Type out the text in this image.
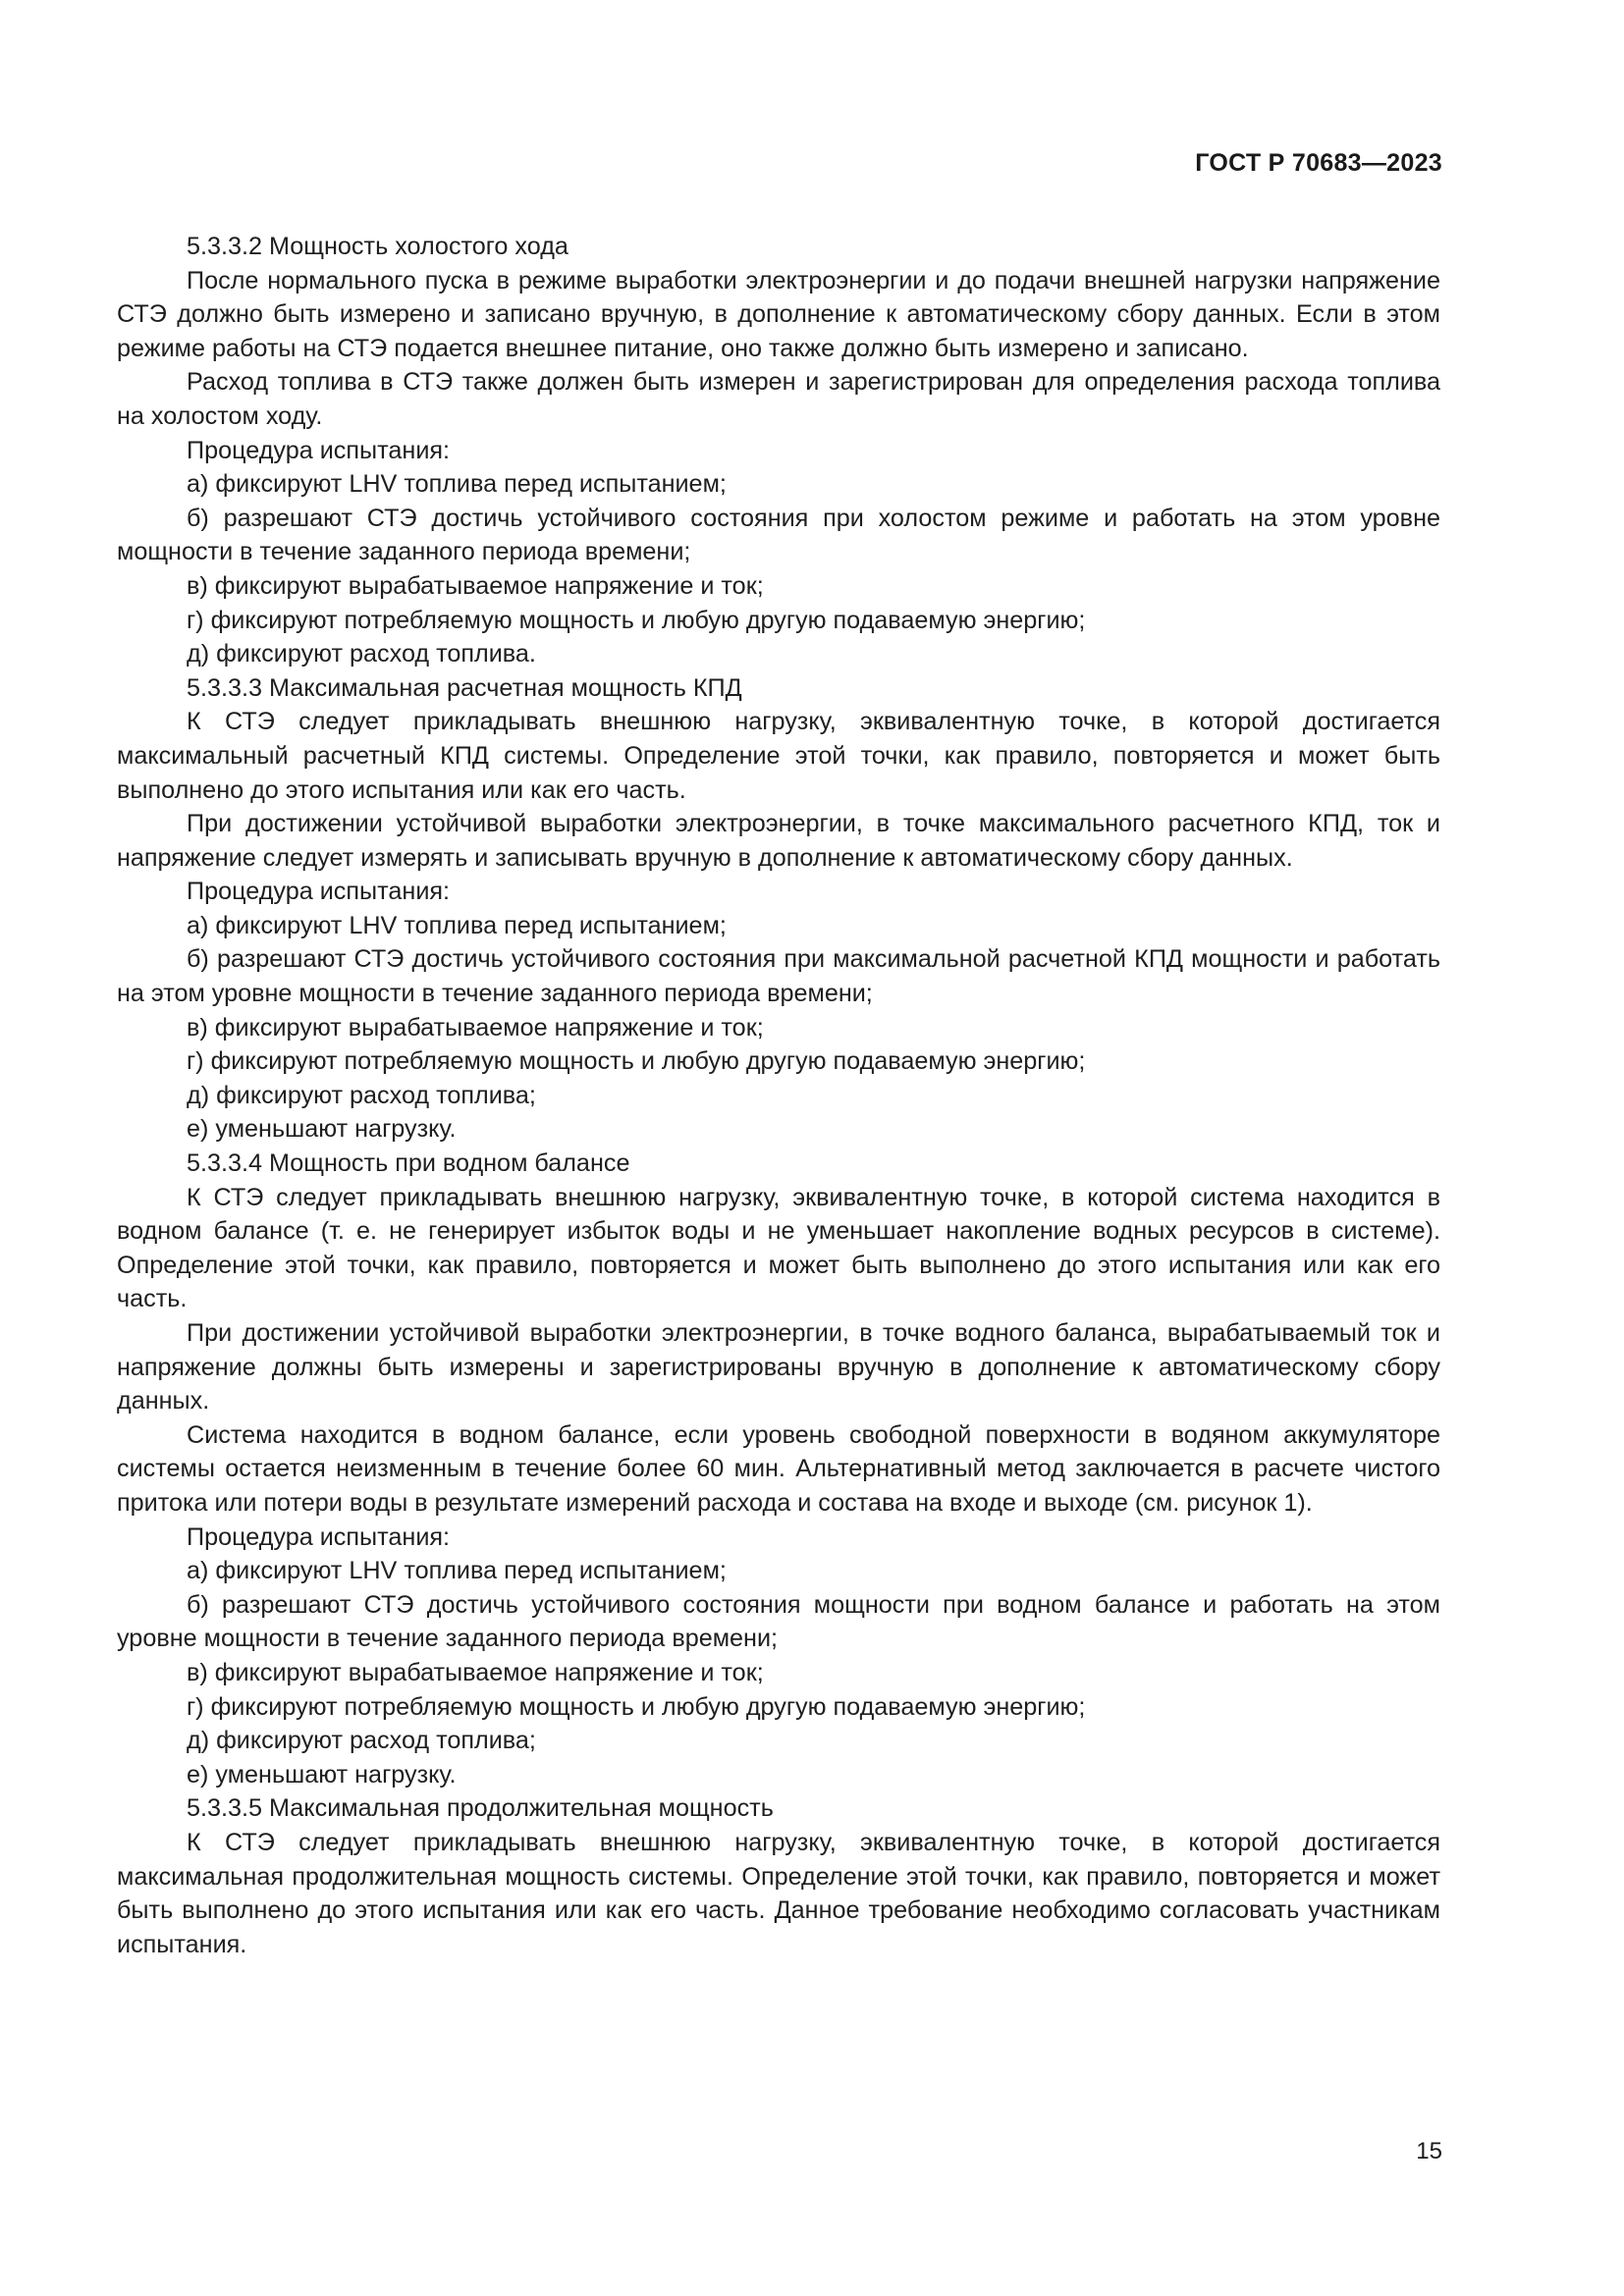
ГОСТ Р 70683—2023

5.3.3.2 Мощность холостого хода

После нормального пуска в режиме выработки электроэнергии и до подачи внешней нагрузки напряжение СТЭ должно быть измерено и записано вручную, в дополнение к автоматическому сбору данных. Если в этом режиме работы на СТЭ подается внешнее питание, оно также должно быть измерено и записано.

Расход топлива в СТЭ также должен быть измерен и зарегистрирован для определения расхода топлива на холостом ходу.

Процедура испытания:

а) фиксируют LHV топлива перед испытанием;

б) разрешают СТЭ достичь устойчивого состояния при холостом режиме и работать на этом уровне мощности в течение заданного периода времени;

в) фиксируют вырабатываемое напряжение и ток;

г) фиксируют потребляемую мощность и любую другую подаваемую энергию;

д) фиксируют расход топлива.

5.3.3.3 Максимальная расчетная мощность КПД

К СТЭ следует прикладывать внешнюю нагрузку, эквивалентную точке, в которой достигается максимальный расчетный КПД системы. Определение этой точки, как правило, повторяется и может быть выполнено до этого испытания или как его часть.

При достижении устойчивой выработки электроэнергии, в точке максимального расчетного КПД, ток и напряжение следует измерять и записывать вручную в дополнение к автоматическому сбору данных.

Процедура испытания:

а) фиксируют LHV топлива перед испытанием;

б) разрешают СТЭ достичь устойчивого состояния при максимальной расчетной КПД мощности и работать на этом уровне мощности в течение заданного периода времени;

в) фиксируют вырабатываемое напряжение и ток;

г) фиксируют потребляемую мощность и любую другую подаваемую энергию;

д) фиксируют расход топлива;

е) уменьшают нагрузку.

5.3.3.4 Мощность при водном балансе

К СТЭ следует прикладывать внешнюю нагрузку, эквивалентную точке, в которой система находится в водном балансе (т. е. не генерирует избыток воды и не уменьшает накопление водных ресурсов в системе). Определение этой точки, как правило, повторяется и может быть выполнено до этого испытания или как его часть.

При достижении устойчивой выработки электроэнергии, в точке водного баланса, вырабатываемый ток и напряжение должны быть измерены и зарегистрированы вручную в дополнение к автоматическому сбору данных.

Система находится в водном балансе, если уровень свободной поверхности в водяном аккумуляторе системы остается неизменным в течение более 60 мин. Альтернативный метод заключается в расчете чистого притока или потери воды в результате измерений расхода и состава на входе и выходе (см. рисунок 1).

Процедура испытания:

а) фиксируют LHV топлива перед испытанием;

б) разрешают СТЭ достичь устойчивого состояния мощности при водном балансе и работать на этом уровне мощности в течение заданного периода времени;

в) фиксируют вырабатываемое напряжение и ток;

г) фиксируют потребляемую мощность и любую другую подаваемую энергию;

д) фиксируют расход топлива;

е) уменьшают нагрузку.

5.3.3.5 Максимальная продолжительная мощность

К СТЭ следует прикладывать внешнюю нагрузку, эквивалентную точке, в которой достигается максимальная продолжительная мощность системы. Определение этой точки, как правило, повторяется и может быть выполнено до этого испытания или как его часть. Данное требование необходимо согласовать участникам испытания.

15
